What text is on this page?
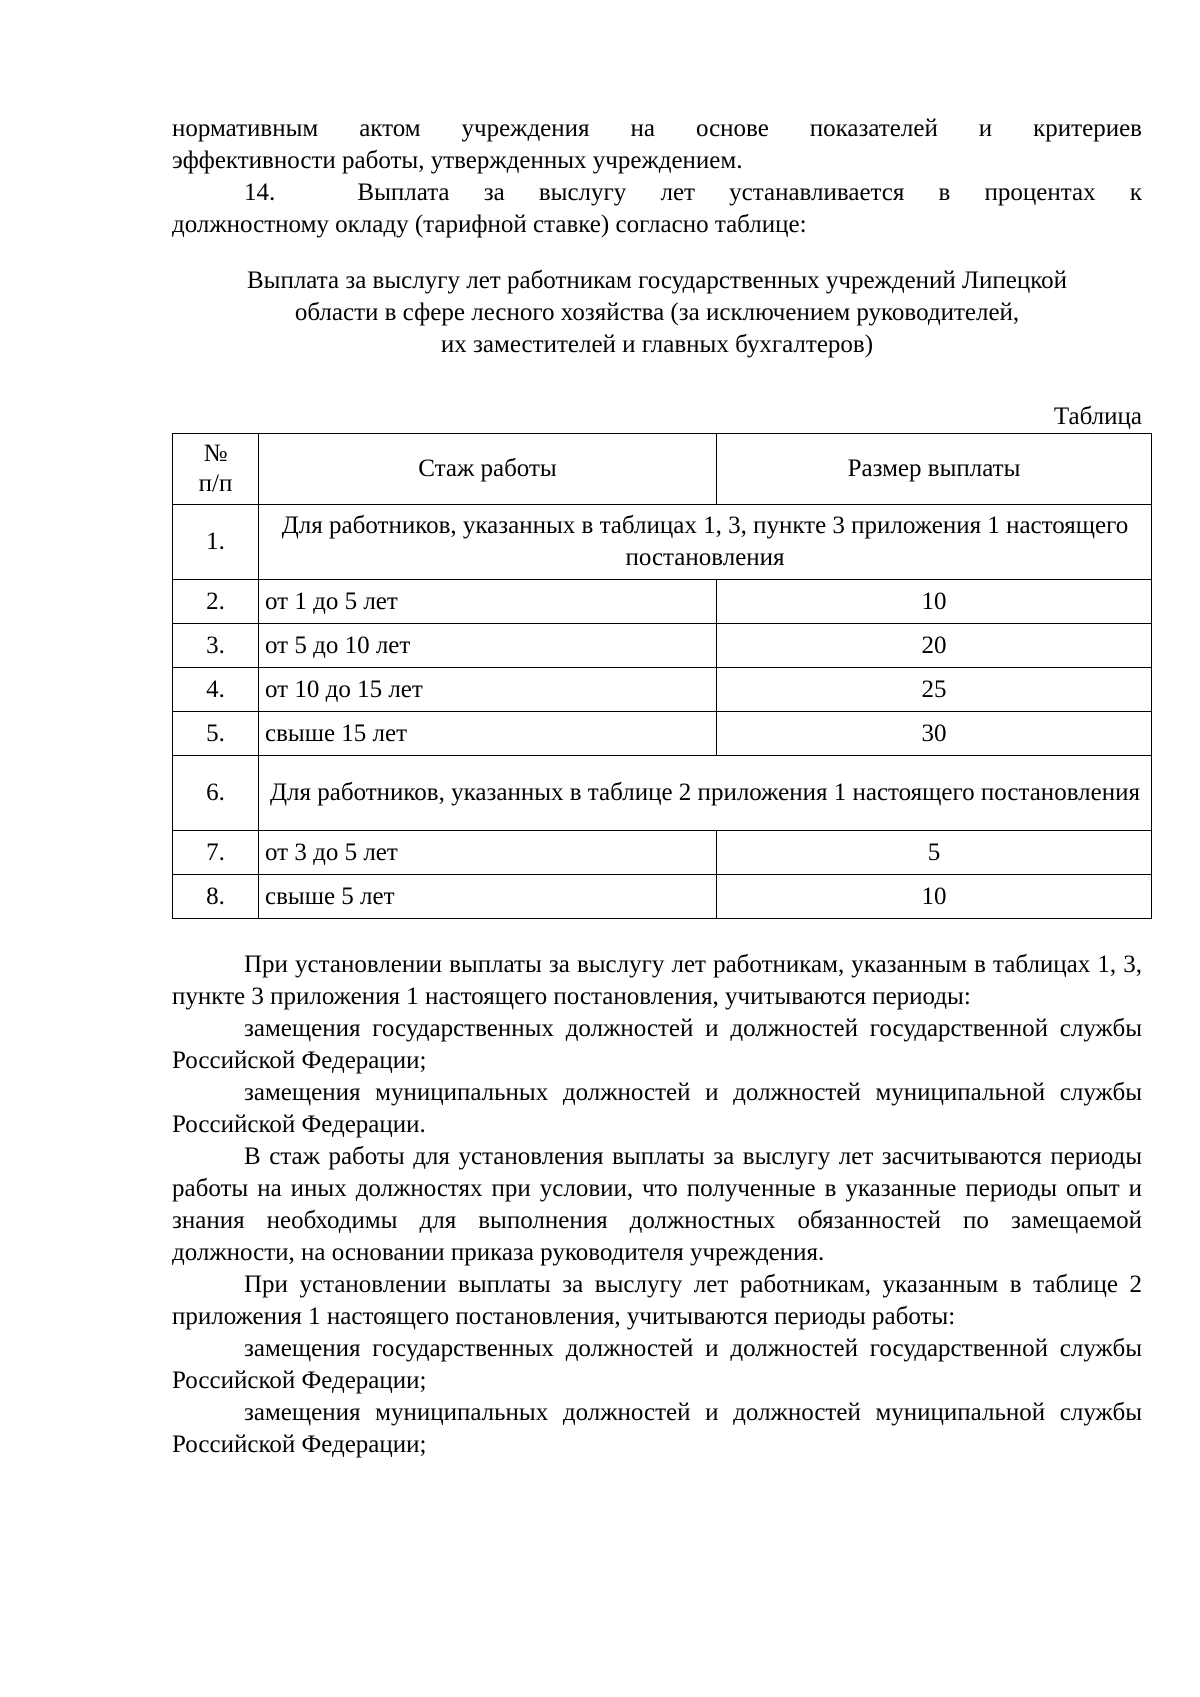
нормативным актом учреждения на основе показателей и критериев

эффективности работы, утвержденных учреждением.

14.	Выплата за выслугу лет устанавливается в процентах к

должностному окладу (тарифной ставке) согласно таблице:

Выплата за выслугу лет работникам государственных учреждений Липецкой
области в сфере лесного хозяйства (за исключением руководителей,
их заместителей и главных бухгалтеров)
Таблица
№
п/п	Стаж работы	Размер выплаты
1.	Для работников, указанных в таблицах 1, 3, пункте 3 приложения 1 настоящего постановления	
2.	от 1 до 5 лет	10
3.	от 5 до 10 лет	20
4.	от 10 до 15 лет	25
5.	свыше 15 лет	30
6.	Для работников, указанных в таблице 2 приложения 1 настоящего постановления	
7.	от 3 до 5 лет	5
8.	свыше 5 лет	10

При установлении выплаты за выслугу лет работникам, указанным в таблицах 1, 3, пункте 3 приложения 1 настоящего постановления, учитываются периоды:

замещения государственных должностей и должностей государственной службы Российской Федерации;

замещения муниципальных должностей и должностей муниципальной службы Российской Федерации.

В стаж работы для установления выплаты за выслугу лет засчитываются периоды работы на иных должностях при условии, что полученные в указанные периоды опыт и знания необходимы для выполнения должностных обязанностей по замещаемой должности, на основании приказа руководителя учреждения.

При установлении выплаты за выслугу лет работникам, указанным в таблице 2 приложения 1 настоящего постановления, учитываются периоды работы:

замещения государственных должностей и должностей государственной службы Российской Федерации;

замещения муниципальных должностей и должностей муниципальной службы Российской Федерации;
